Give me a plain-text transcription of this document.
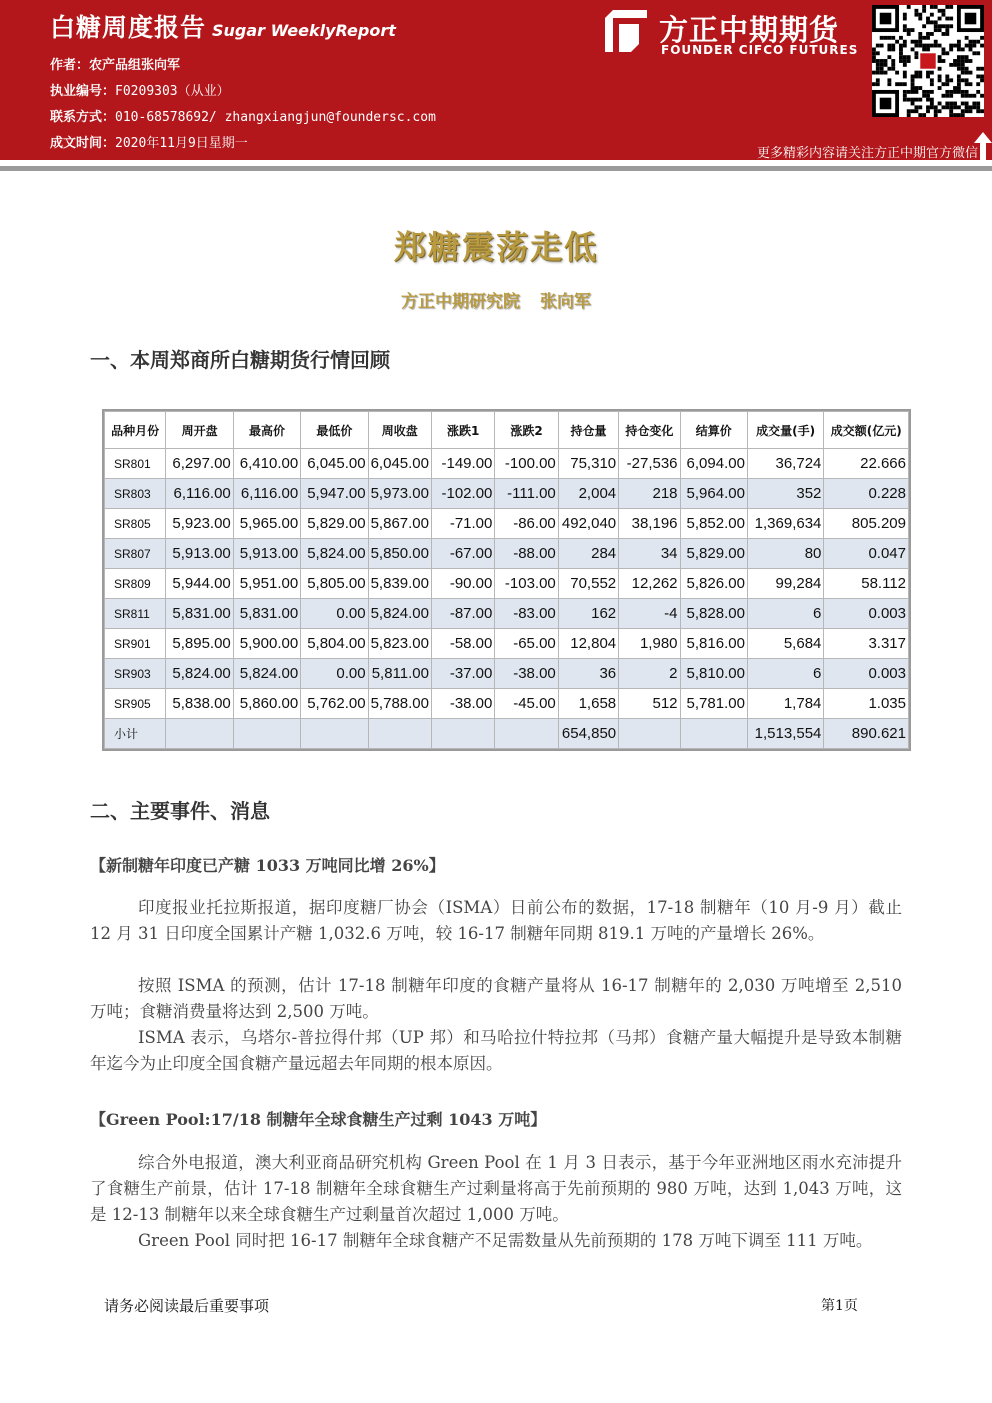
白糖周度报告 Sugar WeeklyReport
作者：农产品组张向军
执业编号：F0209303（从业）
联系方式：010-68578692/ zhangxiangjun@foundersc.com
成文时间：2020年11月9日星期一
方正中期期货
FOUNDER CIFCO FUTURES
更多精彩内容请关注方正中期官方微信
郑糖震荡走低
方正中期研究院 张向军
一、本周郑商所白糖期货行情回顾
品种月份	周开盘	最高价	最低价	周收盘	涨跌1	涨跌2	持仓量	持仓变化	结算价	成交量(手)	成交额(亿元)
SR801	6,297.00	6,410.00	6,045.00	6,045.00	-149.00	-100.00	75,310	-27,536	6,094.00	36,724	22.666
SR803	6,116.00	6,116.00	5,947.00	5,973.00	-102.00	-111.00	2,004	218	5,964.00	352	0.228
SR805	5,923.00	5,965.00	5,829.00	5,867.00	-71.00	-86.00	492,040	38,196	5,852.00	1,369,634	805.209
SR807	5,913.00	5,913.00	5,824.00	5,850.00	-67.00	-88.00	284	34	5,829.00	80	0.047
SR809	5,944.00	5,951.00	5,805.00	5,839.00	-90.00	-103.00	70,552	12,262	5,826.00	99,284	58.112
SR811	5,831.00	5,831.00	0.00	5,824.00	-87.00	-83.00	162	-4	5,828.00	6	0.003
SR901	5,895.00	5,900.00	5,804.00	5,823.00	-58.00	-65.00	12,804	1,980	5,816.00	5,684	3.317
SR903	5,824.00	5,824.00	0.00	5,811.00	-37.00	-38.00	36	2	5,810.00	6	0.003
SR905	5,838.00	5,860.00	5,762.00	5,788.00	-38.00	-45.00	1,658	512	5,781.00	1,784	1.035
小计							654,850			1,513,554	890.621
二、主要事件、消息
【新制糖年印度已产糖 1033 万吨同比增 26%】

印度报业托拉斯报道，据印度糖厂协会（ISMA）日前公布的数据，17-18 制糖年（10 月-9 月）截止 12 月 31 日印度全国累计产糖 1,032.6 万吨，较 16-17 制糖年同期 819.1 万吨的产量增长 26%。

按照 ISMA 的预测，估计 17-18 制糖年印度的食糖产量将从 16-17 制糖年的 2,030 万吨增至 2,510 万吨；食糖消费量将达到 2,500 万吨。

ISMA 表示，乌塔尔-普拉得什邦（UP 邦）和马哈拉什特拉邦（马邦）食糖产量大幅提升是导致本制糖年迄今为止印度全国食糖产量远超去年同期的根本原因。

【Green Pool:17/18 制糖年全球食糖生产过剩 1043 万吨】

综合外电报道，澳大利亚商品研究机构 Green Pool 在 1 月 3 日表示，基于今年亚洲地区雨水充沛提升了食糖生产前景，估计 17-18 制糖年全球食糖生产过剩量将高于先前预期的 980 万吨，达到 1,043 万吨，这是 12-13 制糖年以来全球食糖生产过剩量首次超过 1,000 万吨。

Green Pool 同时把 16-17 制糖年全球食糖产不足需数量从先前预期的 178 万吨下调至 111 万吨。

请务必阅读最后重要事项	第1页
